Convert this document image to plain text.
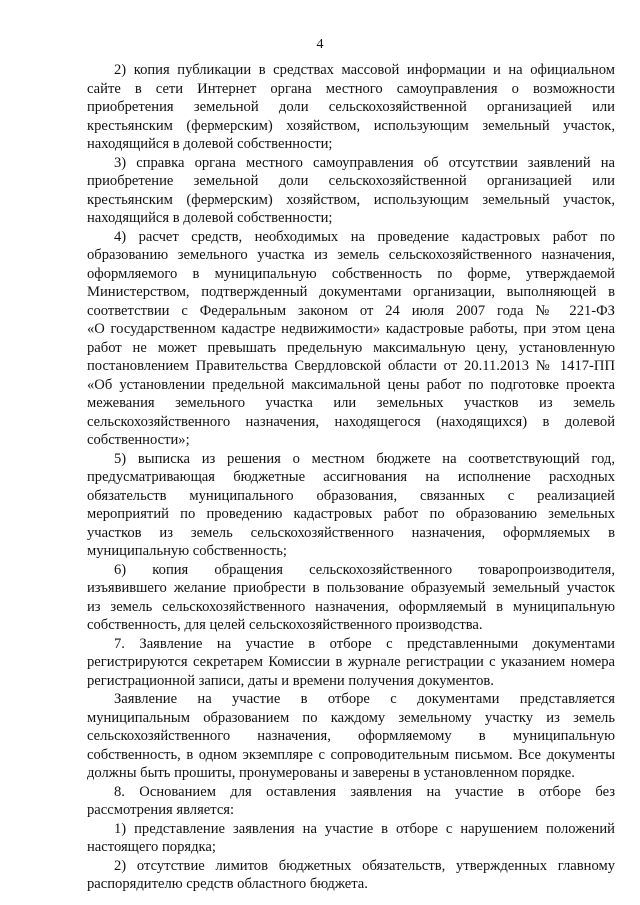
4

2) копия публикации в средствах массовой информации и на официальном
сайте в сети Интернет органа местного самоуправления о возможности
приобретения земельной доли сельскохозяйственной организацией или
крестьянским (фермерским) хозяйством, использующим земельный участок,
находящийся в долевой собственности;

3) справка органа местного самоуправления об отсутствии заявлений на
приобретение земельной доли сельскохозяйственной организацией или
крестьянским (фермерским) хозяйством, использующим земельный участок,
находящийся в долевой собственности;

4) расчет средств, необходимых на проведение кадастровых работ по
образованию земельного участка из земель сельскохозяйственного назначения,
оформляемого в муниципальную собственность по форме, утверждаемой
Министерством, подтвержденный документами организации, выполняющей в
соответствии с Федеральным законом от 24 июля 2007 года № 221-ФЗ
«О государственном кадастре недвижимости» кадастровые работы, при этом цена
работ не может превышать предельную максимальную цену, установленную
постановлением Правительства Свердловской области от 20.11.2013 № 1417-ПП
«Об установлении предельной максимальной цены работ по подготовке проекта
межевания земельного участка или земельных участков из земель
сельскохозяйственного назначения, находящегося (находящихся) в долевой
собственности»;

5) выписка из решения о местном бюджете на соответствующий год,
предусматривающая бюджетные ассигнования на исполнение расходных
обязательств муниципального образования, связанных с реализацией
мероприятий по проведению кадастровых работ по образованию земельных
участков из земель сельскохозяйственного назначения, оформляемых в
муниципальную собственность;

6) копия обращения сельскохозяйственного товаропроизводителя,
изъявившего желание приобрести в пользование образуемый земельный участок
из земель сельскохозяйственного назначения, оформляемый в муниципальную
собственность, для целей сельскохозяйственного производства.

7. Заявление на участие в отборе с представленными документами
регистрируются секретарем Комиссии в журнале регистрации с указанием номера
регистрационной записи, даты и времени получения документов.

Заявление на участие в отборе с документами представляется
муниципальным образованием по каждому земельному участку из земель
сельскохозяйственного назначения, оформляемому в муниципальную
собственность, в одном экземпляре с сопроводительным письмом. Все документы
должны быть прошиты, пронумерованы и заверены в установленном порядке.

8. Основанием для оставления заявления на участие в отборе без
рассмотрения является:

1) представление заявления на участие в отборе с нарушением положений
настоящего порядка;

2) отсутствие лимитов бюджетных обязательств, утвержденных главному
распорядителю средств областного бюджета.
